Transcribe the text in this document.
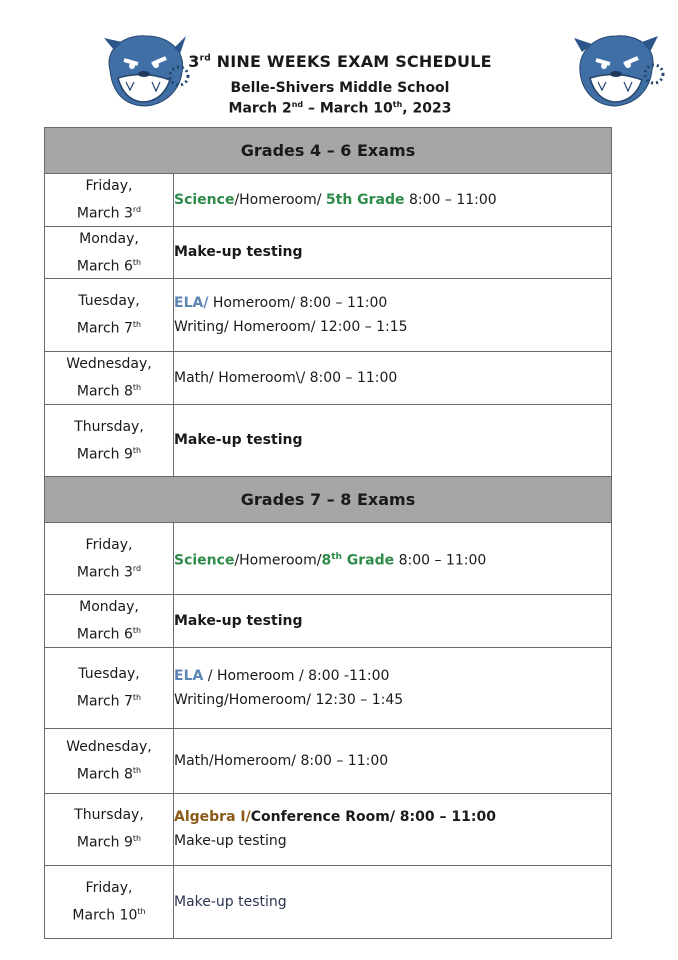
3rd NINE WEEKS EXAM SCHEDULE
Belle-Shivers Middle School
March 2nd – March 10th, 2023
Grades 4 – 6 Exams	
Friday,
March 3rd	Science/Homeroom/ 5th Grade 8:00 – 11:00
Monday,
March 6th	Make-up testing
Tuesday,
March 7th	ELA/ Homeroom/ 8:00 – 11:00
Writing/ Homeroom/ 12:00 – 1:15
Wednesday,
March 8th	Math/ Homeroom\/ 8:00 – 11:00
Thursday,
March 9th	Make-up testing
Grades 7 – 8 Exams	
Friday,
March 3rd	Science/Homeroom/8th Grade 8:00 – 11:00
Monday,
March 6th	Make-up testing
Tuesday,
March 7th	ELA / Homeroom / 8:00 -11:00
Writing/Homeroom/ 12:30 – 1:45
Wednesday,
March 8th	Math/Homeroom/ 8:00 – 11:00
Thursday,
March 9th	Algebra I/Conference Room/ 8:00 – 11:00
Make-up testing
Friday,
March 10th	Make-up testing
